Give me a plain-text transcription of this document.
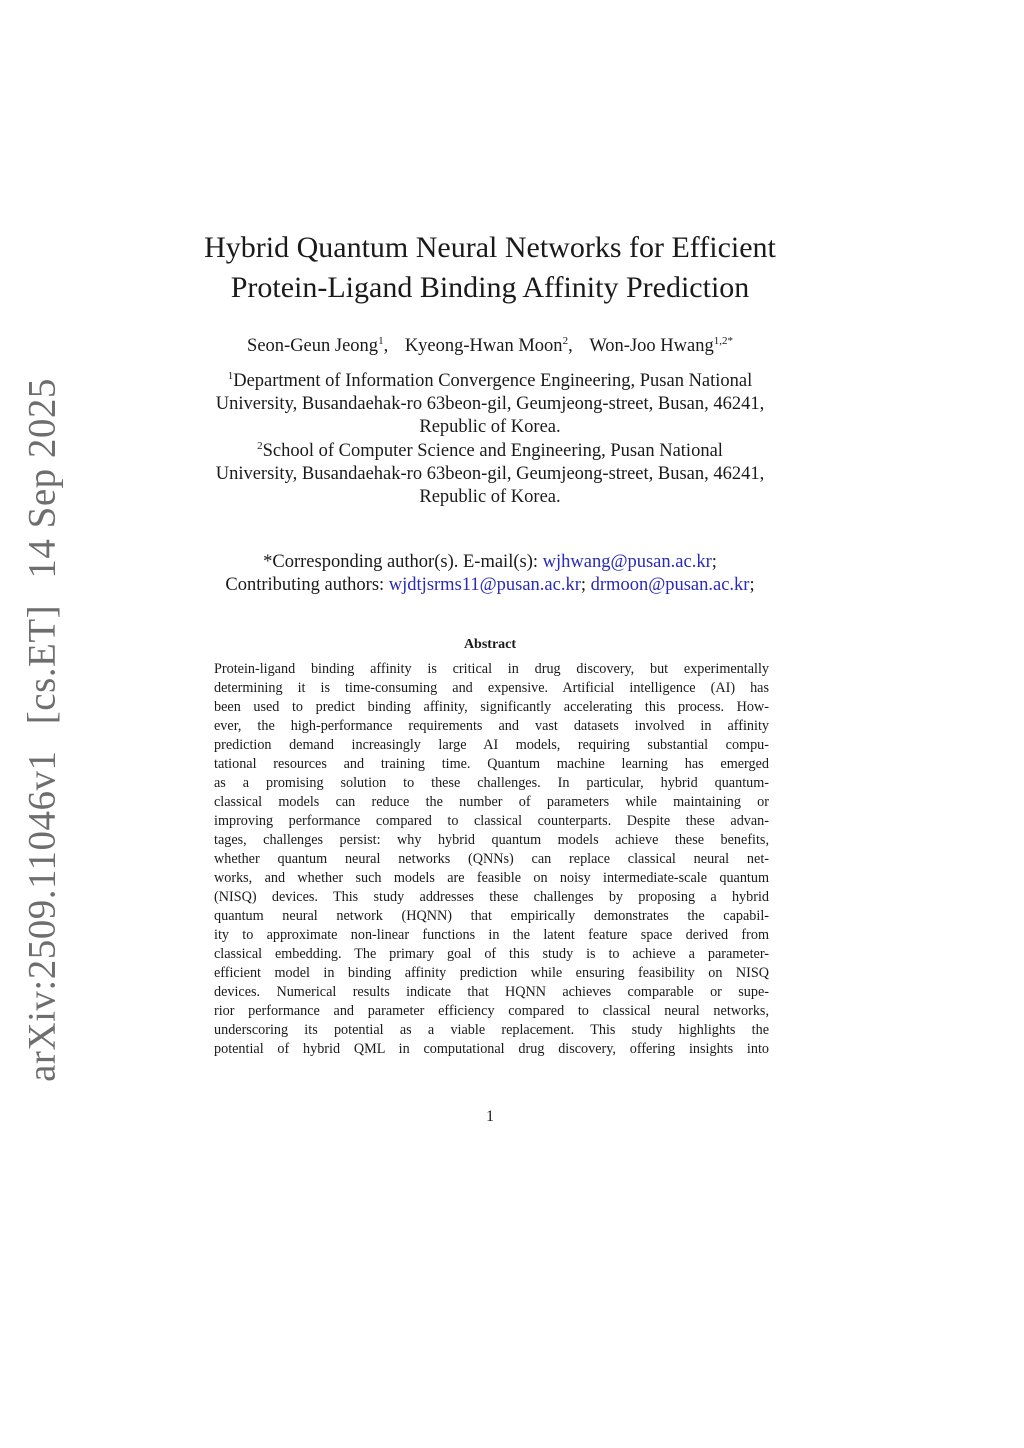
arXiv:2509.11046v1 [cs.ET] 14 Sep 2025
Hybrid Quantum Neural Networks for Efficient
Protein-Ligand Binding Affinity Prediction
Seon-Geun Jeong$^1$, Kyeong-Hwan Moon$^2$, Won-Joo Hwang$^{1,2*}$
$^1$Department of Information Convergence Engineering, Pusan National
University, Busandaehak-ro 63beon-gil, Geumjeong-street, Busan, 46241,
Republic of Korea.
$^2$School of Computer Science and Engineering, Pusan National
University, Busandaehak-ro 63beon-gil, Geumjeong-street, Busan, 46241,
Republic of Korea.
*Corresponding author(s). E-mail(s): wjhwang@pusan.ac.kr;
Contributing authors: wjdtjsrms11@pusan.ac.kr; drmoon@pusan.ac.kr;
Abstract
Protein-ligand binding affinity is critical in drug discovery, but experimentally
determining it is time-consuming and expensive. Artificial intelligence (AI) has
been used to predict binding affinity, significantly accelerating this process. How-
ever, the high-performance requirements and vast datasets involved in affinity
prediction demand increasingly large AI models, requiring substantial compu-
tational resources and training time. Quantum machine learning has emerged
as a promising solution to these challenges. In particular, hybrid quantum-
classical models can reduce the number of parameters while maintaining or
improving performance compared to classical counterparts. Despite these advan-
tages, challenges persist: why hybrid quantum models achieve these benefits,
whether quantum neural networks (QNNs) can replace classical neural net-
works, and whether such models are feasible on noisy intermediate-scale quantum
(NISQ) devices. This study addresses these challenges by proposing a hybrid
quantum neural network (HQNN) that empirically demonstrates the capabil-
ity to approximate non-linear functions in the latent feature space derived from
classical embedding. The primary goal of this study is to achieve a parameter-
efficient model in binding affinity prediction while ensuring feasibility on NISQ
devices. Numerical results indicate that HQNN achieves comparable or supe-
rior performance and parameter efficiency compared to classical neural networks,
underscoring its potential as a viable replacement. This study highlights the
potential of hybrid QML in computational drug discovery, offering insights into
1
